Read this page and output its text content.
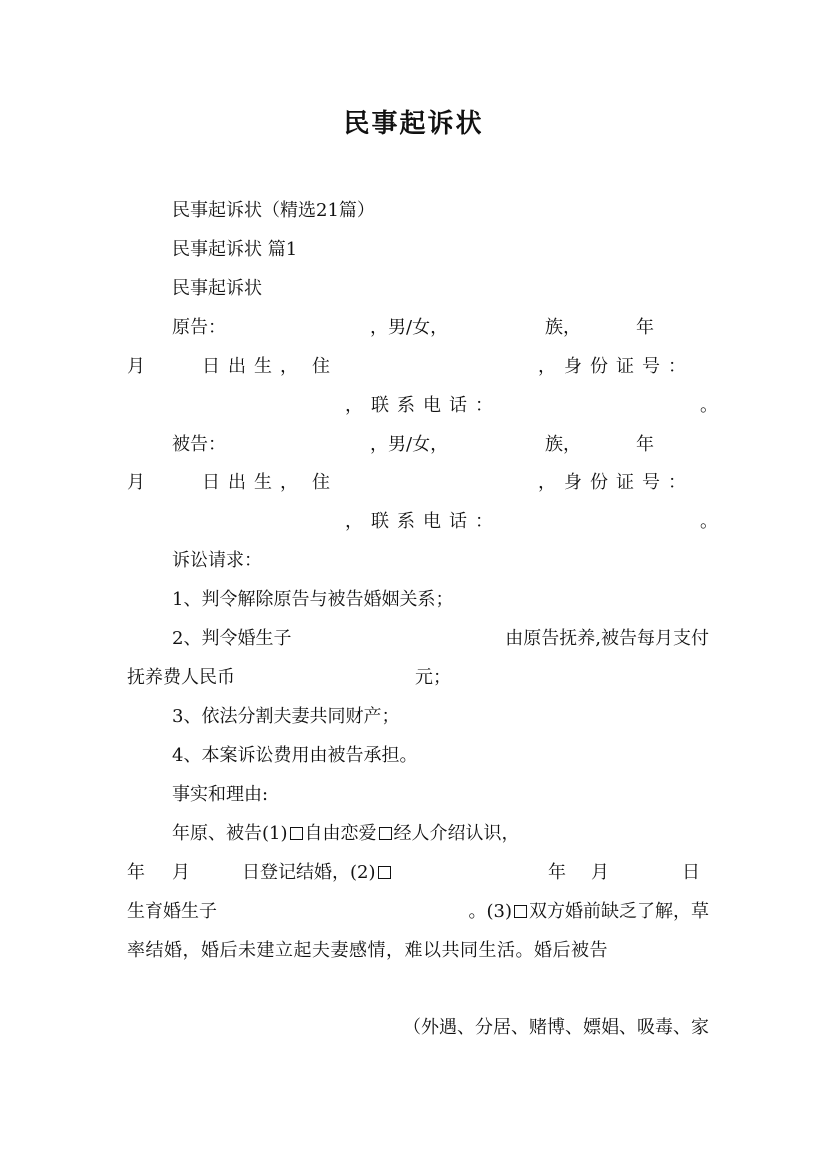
民事起诉状

民事起诉状（精选21篇）

民事起诉状 篇1

民事起诉状

原告：

	，男/女，

	族，

	年

月

	日出生，

住

	，身份证号：

，联系电话：

	。

被告：

	，男/女，

	族，

	年

月

	日出生，

住

	，身份证号：

，联系电话：

	。

诉讼请求：

1、判令解除原告与被告婚姻关系；

2、判令婚生子

	由原告抚养,被告每月支付

抚养费人民币

	元；

3、依法分割夫妻共同财产；

4、本案诉讼费用由被告承担。

事实和理由:

年原、被告(1) 自由恋爱 经人介绍认识，

年

月

	日登记结婚，(2)

	年

月

	日

生育婚生子

	。(3) 双方婚前缺乏了解，草

率结婚，婚后未建立起夫妻感情，难以共同生活。婚后被告

（外遇、分居、赌博、嫖娼、吸毒、家
